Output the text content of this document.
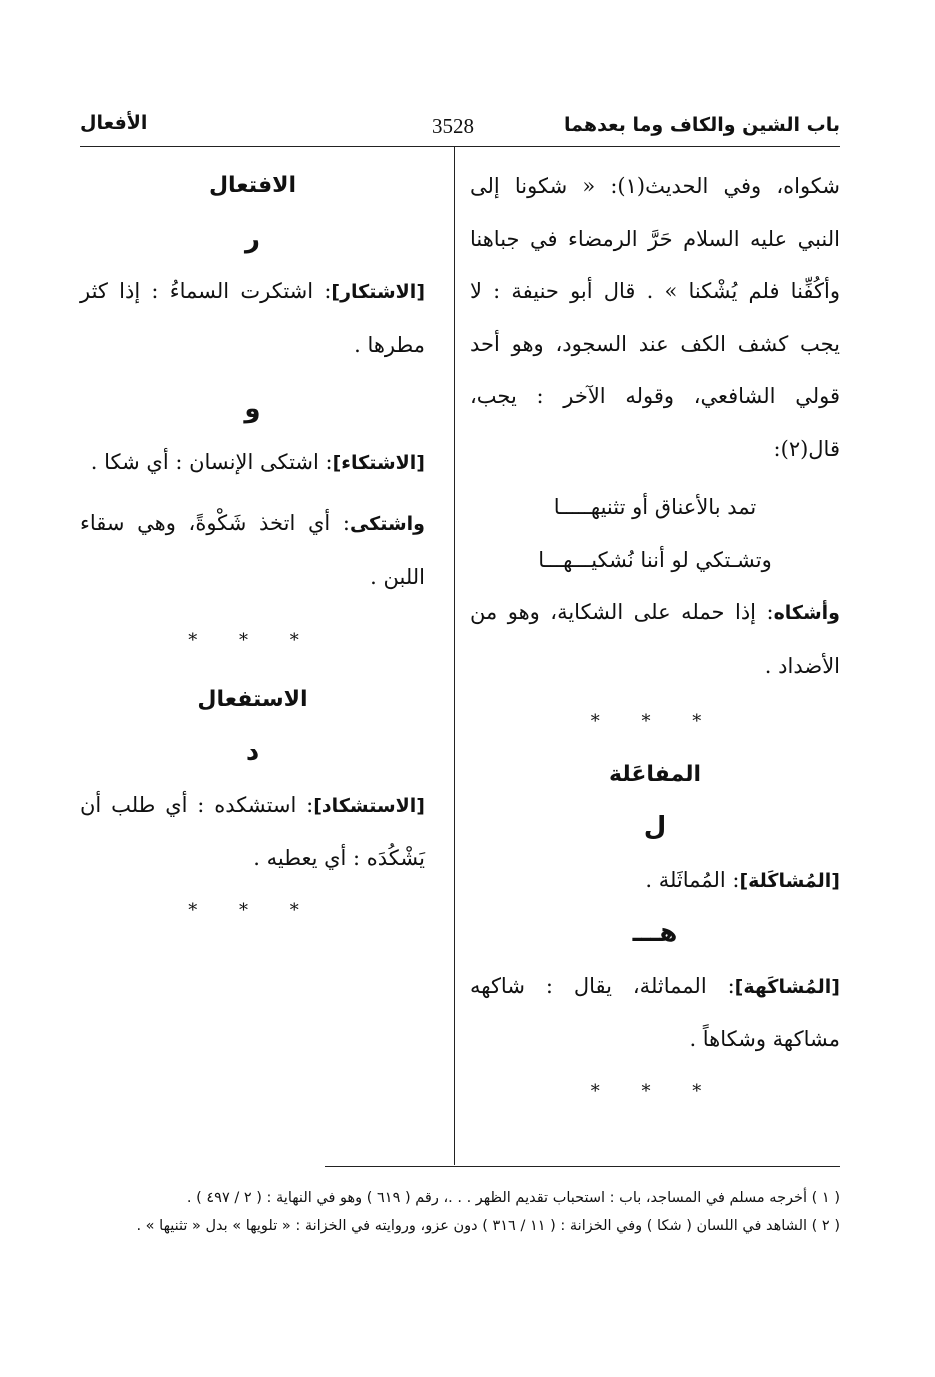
باب الشين والكاف وما بعدهما
3528
الأفعال

شكواه، وفي الحديث(١): « شكونا إلى النبي عليه السلام حَرَّ الرمضاء في جباهنا وأكُفِّنا فلم يُشْكنا » . قال أبو حنيفة : لا يجب كشف الكف عند السجود، وهو أحد قولي الشافعي، وقوله الآخر : يجب، قال(٢):

تمد بالأعناق أو تثنيهـــــا

وتشـتكي لو أننا نُشكيـــهـــا

وأشكاه: إذا حمله على الشكاية، وهو من الأضداد .

* * *

المفاعَلة

ل

[المُشاكَلة]: المُماثَلة .

هـــ

[المُشاكَهة]: المماثلة، يقال : شاكهه مشاكهة وشكاهاً .

* * *

الافتعال

ر

[الاشتكار]: اشتكرت السماءُ : إذا كثر مطرها .

و

[الاشتكاء]: اشتكى الإنسان : أي شكا .

واشتكى: أي اتخذ شَكْوةً، وهي سقاء اللبن .

* * *

الاستفعال

د

[الاستشكاد]: استشكده : أي طلب أن يَشْكُدَه : أي يعطيه .

* * *

( ١ ) أخرجه مسلم في المساجد، باب : استحباب تقديم الظهر . . .، رقم ( ٦١٩ ) وهو في النهاية : ( ٢ / ٤٩٧ ) .

( ٢ ) الشاهد في اللسان ( شكا ) وفي الخزانة : ( ١١ / ٣١٦ ) دون عزو، وروايته في الخزانة : « تلويها » بدل « تثنيها » .
